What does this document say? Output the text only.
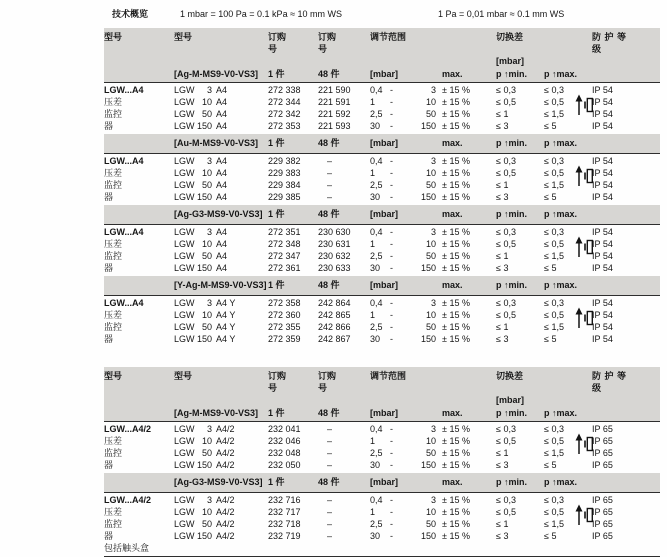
技术概览	1 mbar = 100 Pa = 0.1 kPa ≈ 10 mm WS	1 Pa = 0,01 mbar ≈ 0.1 mm WS
型号	型号	订购号
订购号
调节范围	切换差	防护等级
[mbar]
[Ag-M-MS9-V0-VS3]	1 件	48 件	[mbar]	max.	p ↑min.	p ↑max.
LGW...A4	LGW	3 A4	272 338	221 590	0,4 -	3 ± 15 %	≤ 0,3	≤ 0,3	IP 54
压差	LGW 10 A4	272 344	221 591	1	-	10 ± 15 %	≤ 0,5	≤ 0,5	IP 54
监控	LGW 50 A4	272 342	221 592	2,5 -	50 ± 15 %	≤ 1	≤ 1,5	IP 54
器	LGW 150 A4	272 353	221 593	30	-	150 ± 15 %	≤ 3	≤ 5	IP 54
[Au-M-MS9-V0-VS3]	1 件	48 件	[mbar]	max.	p ↑min.	p ↑max.
LGW...A4	LGW	3 A4	229 382	–	0,4 -	3 ± 15 %	≤ 0,3	≤ 0,3	IP 54
压差	LGW 10 A4	229 383	–	1	-	10 ± 15 %	≤ 0,5	≤ 0,5	IP 54
监控	LGW 50 A4	229 384	–	2,5 -	50 ± 15 %	≤ 1	≤ 1,5	IP 54
器	LGW 150 A4	229 385	–	30	-	150 ± 15 %	≤ 3	≤ 5	IP 54
[Ag-G3-MS9-V0-VS3] 1 件	48 件	[mbar]	max.	p ↑min.	p ↑max.
LGW...A4	LGW	3 A4	272 351	230 630	0,4 -	3 ± 15 %	≤ 0,3	≤ 0,3	IP 54
压差	LGW 10 A4	272 348	230 631	1	-	10 ± 15 %	≤ 0,5	≤ 0,5	IP 54
监控	LGW 50 A4	272 347	230 632	2,5 -	50 ± 15 %	≤ 1	≤ 1,5	IP 54
器	LGW 150 A4	272 361	230 633	30	-	150 ± 15 %	≤ 3	≤ 5	IP 54
[Y-Ag-M-MS9-V0-VS3] 1 件	48 件	[mbar]	max.	p ↑min.	p ↑max.
LGW...A4	LGW	3 A4 Y	272 358	242 864	0,4 -	3 ± 15 %	≤ 0,3	≤ 0,3	IP 54
压差	LGW 10 A4 Y	272 360	242 865	1	-	10 ± 15 %	≤ 0,5	≤ 0,5	IP 54
监控	LGW 50 A4 Y	272 355	242 866	2,5 -	50 ± 15 %	≤ 1	≤ 1,5	IP 54
器	LGW 150 A4 Y	272 359	242 867	30	-	150 ± 15 %	≤ 3	≤ 5	IP 54
型号	型号	订购号
订购号
调节范围	切换差	防护等级
[mbar]
[Ag-M-MS9-V0-VS3]	1 件	48 件	[mbar]	max.	p ↑min.	p ↑max.
LGW...A4/2	LGW	3 A4/2	232 041	–	0,4 -	3 ± 15 %	≤ 0,3	≤ 0,3	IP 65
压差	LGW 10 A4/2	232 046	–	1	-	10 ± 15 %	≤ 0,5	≤ 0,5	IP 65
监控	LGW 50 A4/2	232 048	–	2,5 -	50 ± 15 %	≤ 1	≤ 1,5	IP 65
器	LGW 150 A4/2	232 050	–	30	-	150 ± 15 %	≤ 3	≤ 5	IP 65
[Ag-G3-MS9-V0-VS3] 1 件	48 件	[mbar]	max.	p ↑min.	p ↑max.
LGW...A4/2	LGW	3 A4/2	232 716	–	0,4 -	3 ± 15 %	≤ 0,3	≤ 0,3	IP 65
压差	LGW 10 A4/2	232 717	–	1	-	10 ± 15 %	≤ 0,5	≤ 0,5	IP 65
监控	LGW 50 A4/2	232 718	–	2,5 -	50 ± 15 %	≤ 1	≤ 1,5	IP 65
器	LGW 150 A4/2	232 719	–	30	-	150 ± 15 %	≤ 3	≤ 5	IP 65
包括触头盒
